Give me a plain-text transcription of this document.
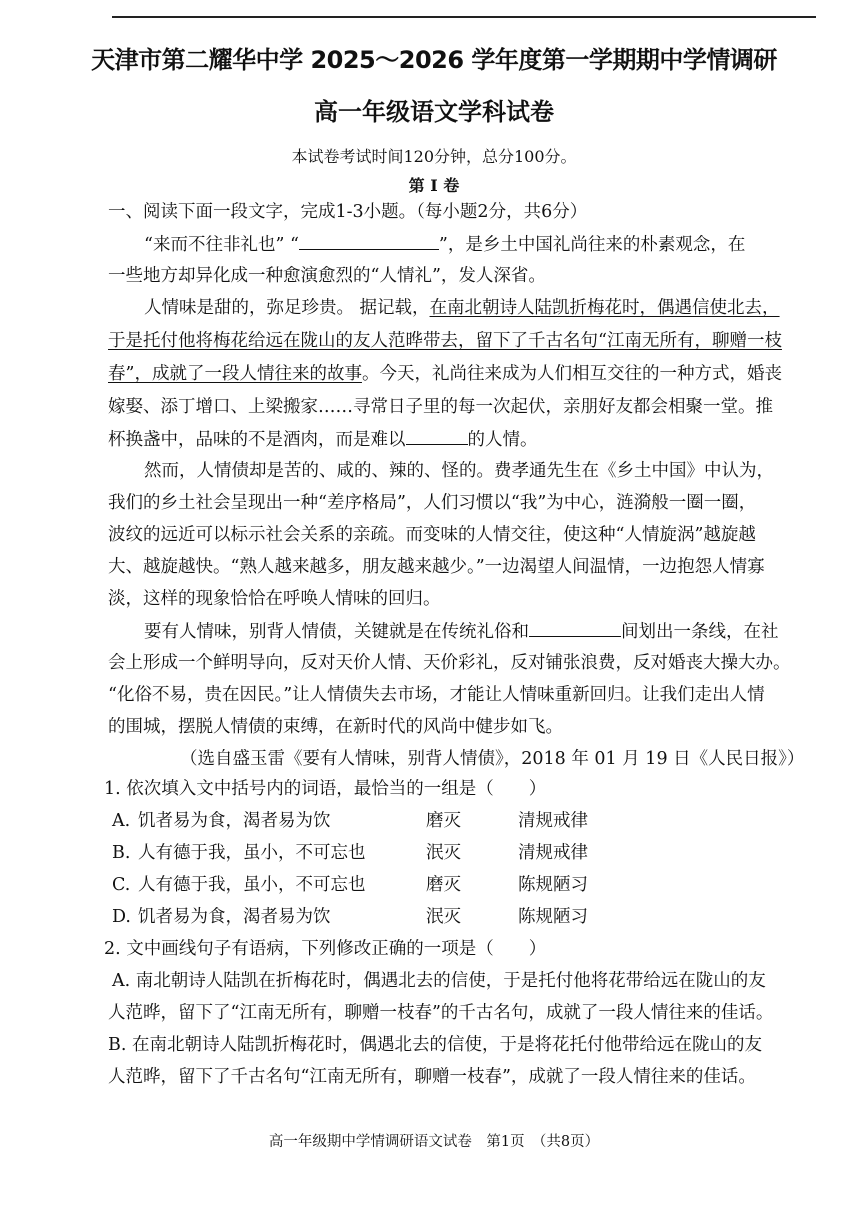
天津市第二耀华中学 2025～2026 学年度第一学期期中学情调研
高一年级语文学科试卷
本试卷考试时间120分钟，总分100分。
第 I 卷
一、阅读下面一段文字，完成1-3小题。（每小题2分，共6分）
“来而不往非礼也” “	”，是乡土中国礼尚往来的朴素观念，在
一些地方却异化成一种愈演愈烈的“人情礼”，发人深省。
人情味是甜的，弥足珍贵。 据记载，在南北朝诗人陆凯折梅花时，偶遇信使北去，
于是托付他将梅花给远在陇山的友人范晔带去，留下了千古名句“江南无所有，聊赠一枝
春”，成就了一段人情往来的故事。今天，礼尚往来成为人们相互交往的一种方式，婚丧
嫁娶、添丁增口、上梁搬家……寻常日子里的每一次起伏，亲朋好友都会相聚一堂。推
杯换盏中，品味的不是酒肉，而是难以	的人情。
然而，人情债却是苦的、咸的、辣的、怪的。费孝通先生在《乡土中国》中认为，
我们的乡土社会呈现出一种“差序格局”，人们习惯以“我”为中心，涟漪般一圈一圈，
波纹的远近可以标示社会关系的亲疏。而变味的人情交往，使这种“人情旋涡”越旋越
大、越旋越快。“熟人越来越多，朋友越来越少。”一边渴望人间温情，一边抱怨人情寡
淡，这样的现象恰恰在呼唤人情味的回归。
要有人情味，别背人情债，关键就是在传统礼俗和	间划出一条线，在社
会上形成一个鲜明导向，反对天价人情、天价彩礼，反对铺张浪费，反对婚丧大操大办。
“化俗不易，贵在因民。”让人情债失去市场，才能让人情味重新回归。让我们走出人情
的围城，摆脱人情债的束缚，在新时代的风尚中健步如飞。
（选自盛玉雷《要有人情味，别背人情债》，2018 年 01 月 19 日《人民日报》）
1. 依次填入文中括号内的词语，最恰当的一组是（　　）
A. 饥者易为食，渴者易为饮	磨灭	清规戒律
B. 人有德于我，虽小，不可忘也	泯灭	清规戒律
C. 人有德于我，虽小，不可忘也	磨灭	陈规陋习
D. 饥者易为食，渴者易为饮	泯灭	陈规陋习
2. 文中画线句子有语病，下列修改正确的一项是（　　）
A. 南北朝诗人陆凯在折梅花时，偶遇北去的信使，于是托付他将花带给远在陇山的友
人范晔，留下了“江南无所有，聊赠一枝春”的千古名句，成就了一段人情往来的佳话。
B. 在南北朝诗人陆凯折梅花时，偶遇北去的信使，于是将花托付他带给远在陇山的友
人范晔，留下了千古名句“江南无所有，聊赠一枝春”，成就了一段人情往来的佳话。
高一年级期中学情调研语文试卷　第1页　（共8页）
